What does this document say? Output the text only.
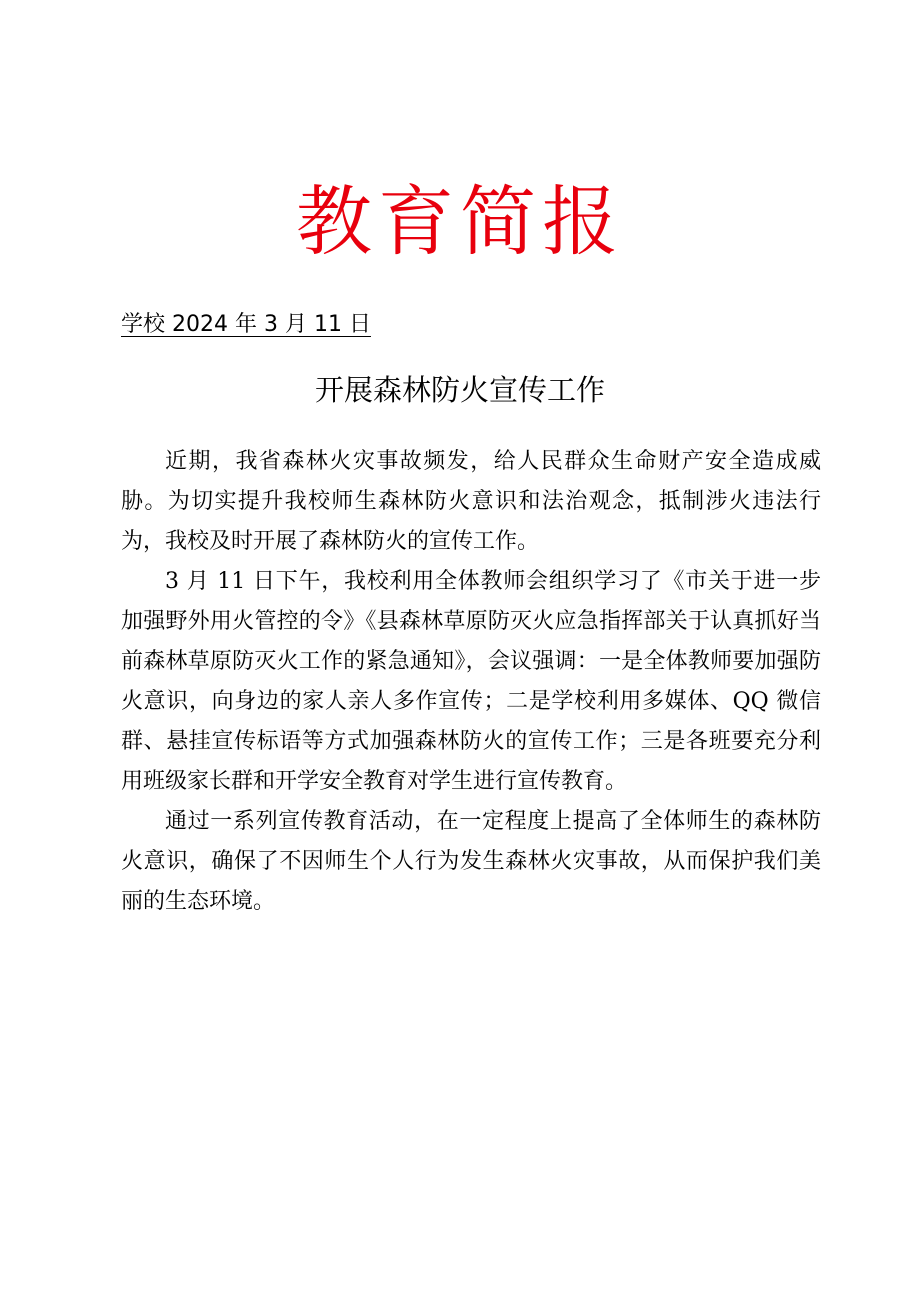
教育简报
学校 2024 年 3 月 11 日
开展森林防火宣传工作

近期，我省森林火灾事故频发，给人民群众生命财产安全造成威胁。为切实提升我校师生森林防火意识和法治观念，抵制涉火违法行为，我校及时开展了森林防火的宣传工作。

3 月 11 日下午，我校利用全体教师会组织学习了《市关于进一步加强野外用火管控的令》《县森林草原防灭火应急指挥部关于认真抓好当前森林草原防灭火工作的紧急通知》，会议强调：一是全体教师要加强防火意识，向身边的家人亲人多作宣传；二是学校利用多媒体、QQ 微信群、悬挂宣传标语等方式加强森林防火的宣传工作；三是各班要充分利用班级家长群和开学安全教育对学生进行宣传教育。

通过一系列宣传教育活动，在一定程度上提高了全体师生的森林防火意识，确保了不因师生个人行为发生森林火灾事故，从而保护我们美丽的生态环境。
